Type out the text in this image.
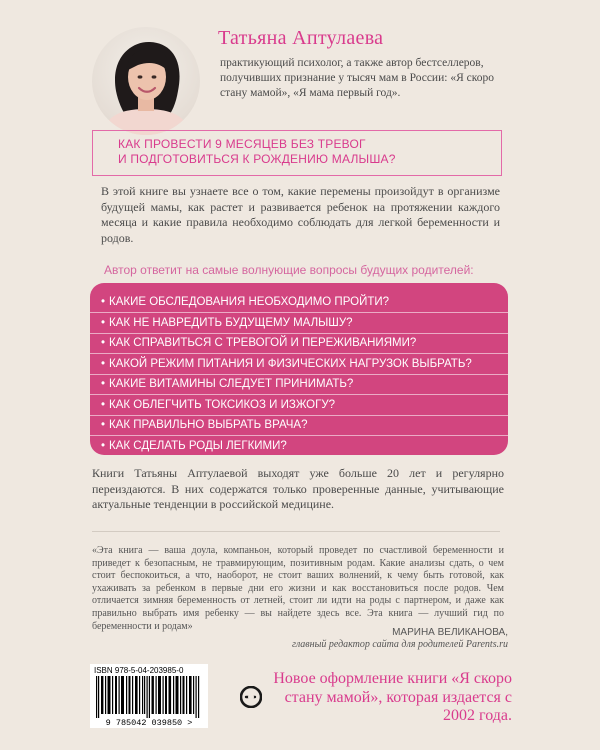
Татьяна Аптулаева
практикующий психолог, а также автор бестселлеров, получивших признание у тысяч мам в России: «Я скоро стану мамой», «Я мама первый год».
КАК ПРОВЕСТИ 9 МЕСЯЦЕВ БЕЗ ТРЕВОГ
И ПОДГОТОВИТЬСЯ К РОЖДЕНИЮ МАЛЫША?
В этой книге вы узнаете все о том, какие перемены произойдут в организме будущей мамы, как растет и развивается ребенок на протяжении каждого месяца и какие правила необходимо соблюдать для легкой беременности и родов.
Автор ответит на самые волнующие вопросы будущих родителей:
• КАКИЕ ОБСЛЕДОВАНИЯ НЕОБХОДИМО ПРОЙТИ?
• КАК НЕ НАВРЕДИТЬ БУДУЩЕМУ МАЛЫШУ?
• КАК СПРАВИТЬСЯ С ТРЕВОГОЙ И ПЕРЕЖИВАНИЯМИ?
• КАКОЙ РЕЖИМ ПИТАНИЯ И ФИЗИЧЕСКИХ НАГРУЗОК ВЫБРАТЬ?
• КАКИЕ ВИТАМИНЫ СЛЕДУЕТ ПРИНИМАТЬ?
• КАК ОБЛЕГЧИТЬ ТОКСИКОЗ И ИЗЖОГУ?
• КАК ПРАВИЛЬНО ВЫБРАТЬ ВРАЧА?
• КАК СДЕЛАТЬ РОДЫ ЛЕГКИМИ?
Книги Татьяны Аптулаевой выходят уже больше 20 лет и регулярно переиздаются. В них содержатся только проверенные данные, учитывающие актуальные тенденции в российской медицине.
«Эта книга — ваша доула, компаньон, который проведет по счастливой беременности и приведет к безопасным, не травмирующим, позитивным родам. Какие анализы сдать, о чем стоит беспокоиться, а что, наоборот, не стоит ваших волнений, к чему быть готовой, как ухаживать за ребенком в первые дни его жизни и как восстановиться после родов. Чем отличается зимняя беременность от летней, стоит ли идти на роды с партнером, и даже как правильно выбрать имя ребенку — вы найдете здесь все. Эта книга — лучший гид по беременности и родам»
МАРИНА ВЕЛИКАНОВА,
главный редактор сайта для родителей Parents.ru
ISBN 978-5-04-203985-0
9 785042 039850 >
Новое оформление книги «Я скоро стану мамой», которая издается с 2002 года.
